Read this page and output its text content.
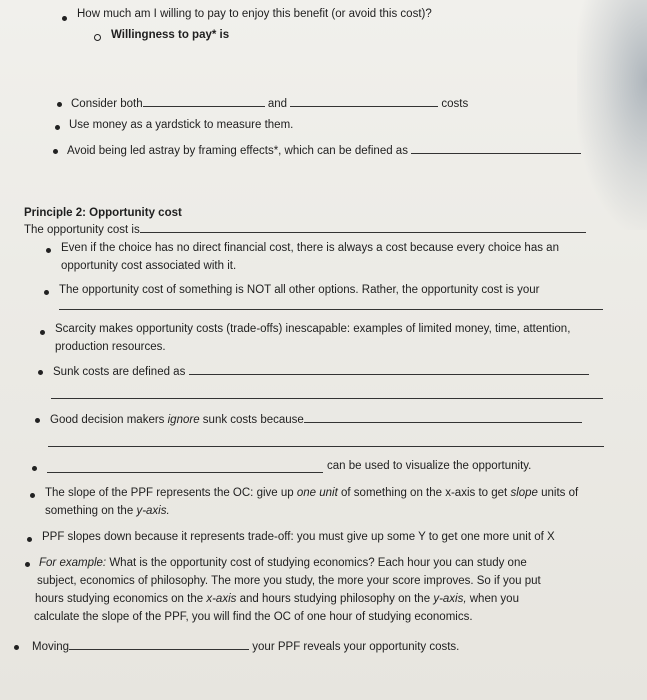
How much am I willing to pay to enjoy this benefit (or avoid this cost)?
Willingness to pay* is
Consider both	and	costs
Use money as a yardstick to measure them.
Avoid being led astray by framing effects*, which can be defined as
Principle 2: Opportunity cost
The opportunity cost is
Even if the choice has no direct financial cost, there is always a cost because every choice has an
opportunity cost associated with it.
The opportunity cost of something is NOT all other options. Rather, the opportunity cost is your
Scarcity makes opportunity costs (trade-offs) inescapable: examples of limited money, time, attention,
production resources.
Sunk costs are defined as
Good decision makers ignore sunk costs because
can be used to visualize the opportunity.
The slope of the PPF represents the OC: give up one unit of something on the x-axis to get slope units of
something on the y-axis.
PPF slopes down because it represents trade-off: you must give up some Y to get one more unit of X
For example: What is the opportunity cost of studying economics? Each hour you can study one
subject, economics of philosophy. The more you study, the more your score improves. So if you put
hours studying economics on the x-axis and hours studying philosophy on the y-axis, when you
calculate the slope of the PPF, you will find the OC of one hour of studying economics.
Moving	your PPF reveals your opportunity costs.
